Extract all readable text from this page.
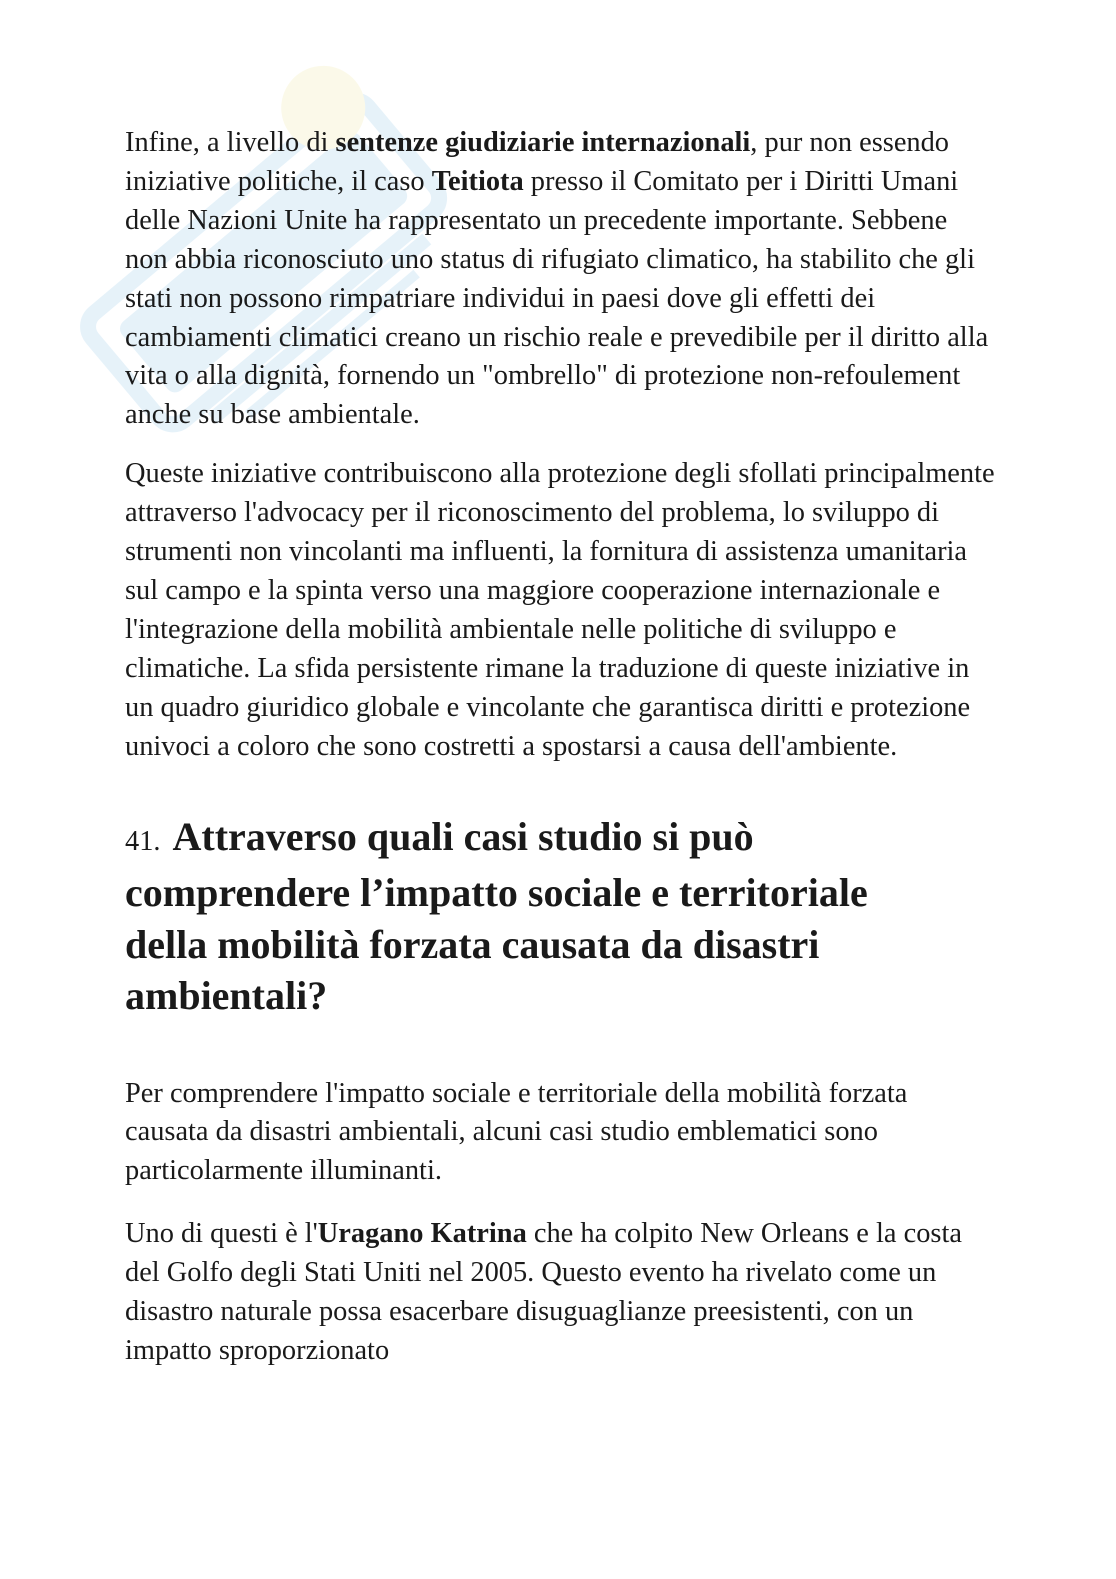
Infine, a livello di sentenze giudiziarie internazionali, pur non essendo iniziative politiche, il caso Teitiota presso il Comitato per i Diritti Umani delle Nazioni Unite ha rappresentato un precedente importante. Sebbene non abbia riconosciuto uno status di rifugiato climatico, ha stabilito che gli stati non possono rimpatriare individui in paesi dove gli effetti dei cambiamenti climatici creano un rischio reale e prevedibile per il diritto alla vita o alla dignità, fornendo un "ombrello" di protezione non-refoulement anche su base ambientale.

Queste iniziative contribuiscono alla protezione degli sfollati principalmente attraverso l'advocacy per il riconoscimento del problema, lo sviluppo di strumenti non vincolanti ma influenti, la fornitura di assistenza umanitaria sul campo e la spinta verso una maggiore cooperazione internazionale e l'integrazione della mobilità ambientale nelle politiche di sviluppo e climatiche. La sfida persistente rimane la traduzione di queste iniziative in un quadro giuridico globale e vincolante che garantisca diritti e protezione univoci a coloro che sono costretti a spostarsi a causa dell'ambiente.

41. Attraverso quali casi studio si può comprendere l’impatto sociale e territoriale della mobilità forzata causata da disastri ambientali?

Per comprendere l'impatto sociale e territoriale della mobilità forzata causata da disastri ambientali, alcuni casi studio emblematici sono particolarmente illuminanti.

Uno di questi è l'Uragano Katrina che ha colpito New Orleans e la costa del Golfo degli Stati Uniti nel 2005. Questo evento ha rivelato come un disastro naturale possa esacerbare disuguaglianze preesistenti, con un impatto sproporzionato
